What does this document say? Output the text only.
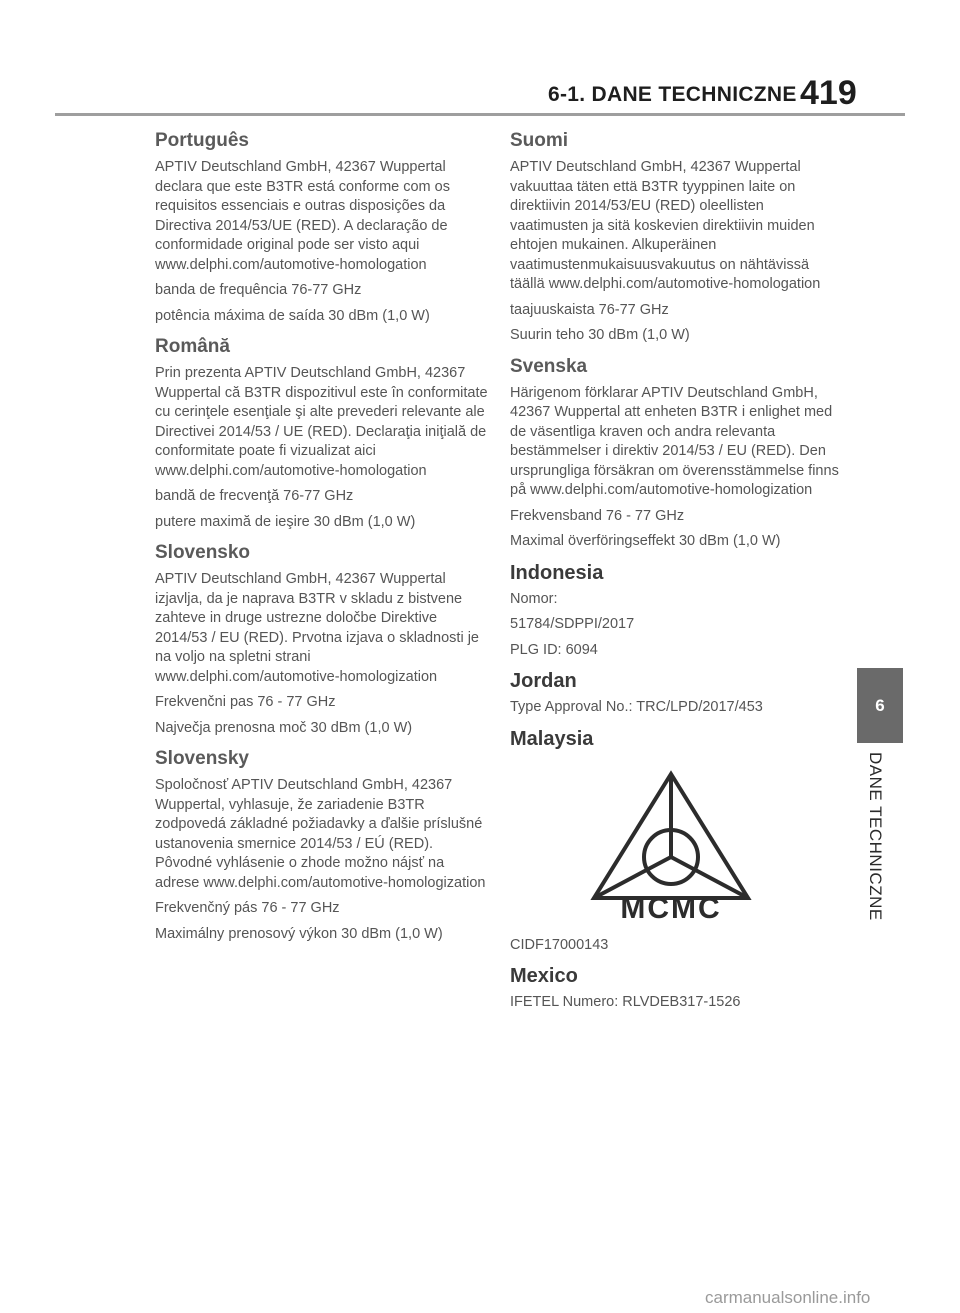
6-1. DANE TECHNICZNE 419
Português

APTIV Deutschland GmbH, 42367 Wuppertal declara que este B3TR está conforme com os requisitos essenciais e outras disposições da Directiva 2014/53/UE (RED). A declaração de conformidade original pode ser visto aqui www.delphi.com/automotive-homologation

banda de frequência 76-77 GHz

potência máxima de saída 30 dBm (1,0 W)

Română

Prin prezenta APTIV Deutschland GmbH, 42367 Wuppertal că B3TR dispozitivul este în conformitate cu cerinţele esenţiale şi alte prevederi relevante ale Directivei 2014/53 / UE (RED). Declaraţia iniţială de conformitate poate fi vizualizat aici www.delphi.com/automotive-homologation

bandă de frecvenţă 76-77 GHz

putere maximă de ieşire 30 dBm (1,0 W)

Slovensko

APTIV Deutschland GmbH, 42367 Wuppertal izjavlja, da je naprava B3TR v skladu z bistvene zahteve in druge ustrezne določbe Direktive 2014/53 / EU (RED). Prvotna izjava o skladnosti je na voljo na spletni strani www.delphi.com/automotive-homologization

Frekvenčni pas 76 - 77 GHz

Največja prenosna moč 30 dBm (1,0 W)

Slovensky

Spoločnosť APTIV Deutschland GmbH, 42367 Wuppertal, vyhlasuje, že zariadenie B3TR zodpovedá základné požiadavky a ďalšie príslušné ustanovenia smernice 2014/53 / EÚ (RED). Pôvodné vyhlásenie o zhode možno nájsť na adrese www.delphi.com/automotive-homologization

Frekvenčný pás 76 - 77 GHz

Maximálny prenosový výkon 30 dBm (1,0 W)

Suomi

APTIV Deutschland GmbH, 42367 Wuppertal vakuuttaa täten että B3TR tyyppinen laite on direktiivin 2014/53/EU (RED) oleellisten vaatimusten ja sitä koskevien direktiivin muiden ehtojen mukainen. Alkuperäinen vaatimustenmukaisuusvakuutus on nähtävissä täällä www.delphi.com/automotive-homologation

taajuuskaista 76-77 GHz

Suurin teho 30 dBm (1,0 W)

Svenska

Härigenom förklarar APTIV Deutschland GmbH, 42367 Wuppertal att enheten B3TR i enlighet med de väsentliga kraven och andra relevanta bestämmelser i direktiv 2014/53 / EU (RED). Den ursprungliga försäkran om överensstämmelse finns på www.delphi.com/automotive-homologization

Frekvensband 76 - 77 GHz

Maximal överföringseffekt 30 dBm (1,0 W)

Indonesia

Nomor:

51784/SDPPI/2017

PLG ID: 6094

Jordan

Type Approval No.: TRC/LPD/2017/453

Malaysia
MCMC

CIDF17000143

Mexico

IFETEL Numero: RLVDEB317-1526

6
DANE TECHNICZNE
carmanualsonline.info
